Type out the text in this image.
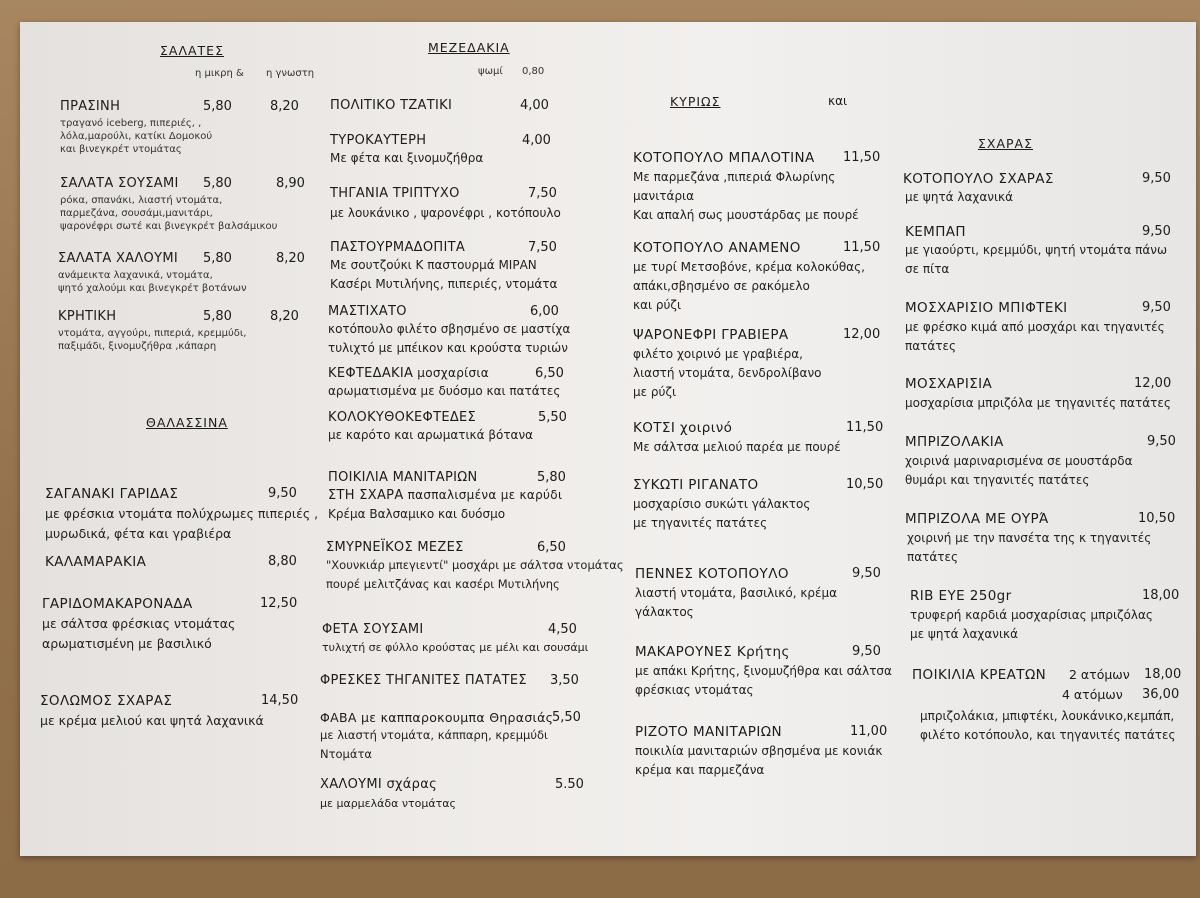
ΣΑΛΑΤΕΣ
η μικρη & η γνωστη
ΠΡΑΣΙΝΗ	5,80	8,20
τραγανό iceberg, πιπεριές, ,
λόλα,μαρούλι, κατίκι Δομοκού
και βινεγκρέτ ντομάτας
ΣΑΛΑΤΑ ΣΟΥΣΑΜΙ 5,80	8,90
ρόκα, σπανάκι, λιαστή ντομάτα,
παρμεζάνα, σουσάμι,μανιτάρι,
ψαρονέφρι σωτέ και βινεγκρέτ βαλσάμικου
ΣΑΛΑΤΑ ΧΑΛΟΥΜΙ 5,80	8,20
ανάμεικτα λαχανικά, ντομάτα,
ψητό χαλούμι και βινεγκρέτ βοτάνων
ΚΡΗΤΙΚΗ	5,80	8,20
ντομάτα, αγγούρι, πιπεριά, κρεμμύδι,
παξιμάδι, ξινομυζήθρα ,κάπαρη
ΘΑΛΑΣΣΙΝΑ
ΣΑΓΑΝΑΚΙ ΓΑΡΙΔΑΣ	9,50
με φρέσκια ντομάτα πολύχρωμες πιπεριές ,
μυρωδικά, φέτα και γραβιέρα
ΚΑΛΑΜΑΡΑΚΙΑ	8,80
ΓΑΡΙΔΟΜΑΚΑΡΟΝΑΔΑ	12,50
με σάλτσα φρέσκιας ντομάτας
αρωματισμένη με βασιλικό
ΣΟΛΩΜΟΣ ΣΧΑΡΑΣ	14,50
με κρέμα μελιού και ψητά λαχανικά
ΜΕΖΕΔΑΚΙΑ
ψωμί 0,80
ΠΟΛΙΤΙΚΟ ΤΖΑΤΙΚΙ	4,00
ΤΥΡΟΚΑΥΤΕΡΗ	4,00
Με φέτα και ξινομυζήθρα
ΤΗΓΑΝΙΑ ΤΡΙΠΤΥΧΟ	7,50
με λουκάνικο , ψαρονέφρι , κοτόπουλο
ΠΑΣΤΟΥΡΜΑΔΟΠΙΤΑ	7,50
Με σουτζούκι Κ παστουρμά ΜΙΡΑΝ
Κασέρι Μυτιλήνης, πιπεριές, ντομάτα
ΜΑΣΤΙΧΑΤΟ	6,00
κοτόπουλο φιλέτο σβησμένο σε μαστίχα
τυλιχτό με μπέικον και κρούστα τυριών
ΚΕΦΤΕΔΑΚΙΑ μοσχαρίσια	6,50
αρωματισμένα με δυόσμο και πατάτες
ΚΟΛΟΚΥΘΟΚΕΦΤΕΔΕΣ	5,50
με καρότο και αρωματικά βότανα
ΠΟΙΚΙΛΙΑ ΜΑΝΙΤΑΡΙΩΝ	5,80
ΣΤΗ ΣΧΑΡΑ πασπαλισμένα με καρύδι
Κρέμα Βαλσαμικο και δυόσμο
ΣΜΥΡΝΕΪΚΟΣ ΜΕΖΕΣ	6,50
"Χουνκιάρ μπεγιεντί" μοσχάρι με σάλτσα ντομάτας
πουρέ μελιτζάνας και κασέρι Μυτιλήνης
ΦΕΤΑ ΣΟΥΣΑΜΙ	4,50
τυλιχτή σε φύλλο κρούστας με μέλι και σουσάμι
ΦΡΕΣΚΕΣ ΤΗΓΑΝΙΤΕΣ ΠΑΤΑΤΕΣ 3,50
ΦΑΒΑ με καππαροκουμπα Θηρασιάς
5,50
με λιαστή ντομάτα, κάππαρη, κρεμμύδι
Ντομάτα
ΧΑΛΟΥΜΙ σχάρας	5.50
με μαρμελάδα ντομάτας
ΚΥΡΙΩΣ	και
ΚΟΤΟΠΟΥΛΟ ΜΠΑΛΟΤΙΝΑ 11,50
Με παρμεζάνα ,πιπεριά Φλωρίνης
μανιτάρια
Και απαλή σως μουστάρδας με πουρέ
ΚΟΤΟΠΟΥΛΟ ΑΝΑΜΕΝΟ	11,50
με τυρί Μετσοβόνε, κρέμα κολοκύθας,
απάκι,σβησμένο σε ρακόμελο
και ρύζι
ΨΑΡΟΝΕΦΡΙ ΓΡΑΒΙΕΡΑ	12,00
φιλέτο χοιρινό με γραβιέρα,
λιαστή ντομάτα, δενδρολίβανο
με ρύζι
ΚΟΤΣΙ χοιρινό	11,50
Με σάλτσα μελιού παρέα με πουρέ
ΣΥΚΩΤΙ ΡΙΓΑΝΑΤΟ	10,50
μοσχαρίσιο συκώτι γάλακτος
με τηγανιτές πατάτες
ΠΕΝΝΕΣ ΚΟΤΟΠΟΥΛΟ	9,50
λιαστή ντομάτα, βασιλικό, κρέμα
γάλακτος
ΜΑΚΑΡΟΥΝΕΣ Κρήτης	9,50
με απάκι Κρήτης, ξινομυζήθρα και σάλτσα
φρέσκιας ντομάτας
ΡΙΖΟΤΟ ΜΑΝΙΤΑΡΙΩΝ	11,00
ποικιλία μανιταριών σβησμένα με κονιάκ
κρέμα και παρμεζάνα
ΣΧΑΡΑΣ
ΚΟΤΟΠΟΥΛΟ ΣΧΑΡΑΣ	9,50
με ψητά λαχανικά
ΚΕΜΠΑΠ	9,50
με γιαούρτι, κρεμμύδι, ψητή ντομάτα πάνω
σε πίτα
ΜΟΣΧΑΡΙΣΙΟ ΜΠΙΦΤΕΚΙ	9,50
με φρέσκο κιμά από μοσχάρι και τηγανιτές
πατάτες
ΜΟΣΧΑΡΙΣΙΑ	12,00
μοσχαρίσια μπριζόλα με τηγανιτές πατάτες
ΜΠΡΙΖΟΛΑΚΙΑ	9,50
χοιρινά μαριναρισμένα σε μουστάρδα
θυμάρι και τηγανιτές πατάτες
ΜΠΡΙΖΟΛΑ ΜΕ ΟΥΡΆ	10,50
χοιρινή με την πανσέτα της κ τηγανιτές
πατάτες
RIB EYE 250gr	18,00
τρυφερή καρδιά μοσχαρίσιας μπριζόλας
με ψητά λαχανικά
ΠΟΙΚΙΛΙΑ ΚΡΕΑΤΩΝ 2 ατόμων 18,00
4 ατόμων 36,00
μπριζολάκια, μπιφτέκι, λουκάνικο,κεμπάπ,
φιλέτο κοτόπουλο, και τηγανιτές πατάτες
